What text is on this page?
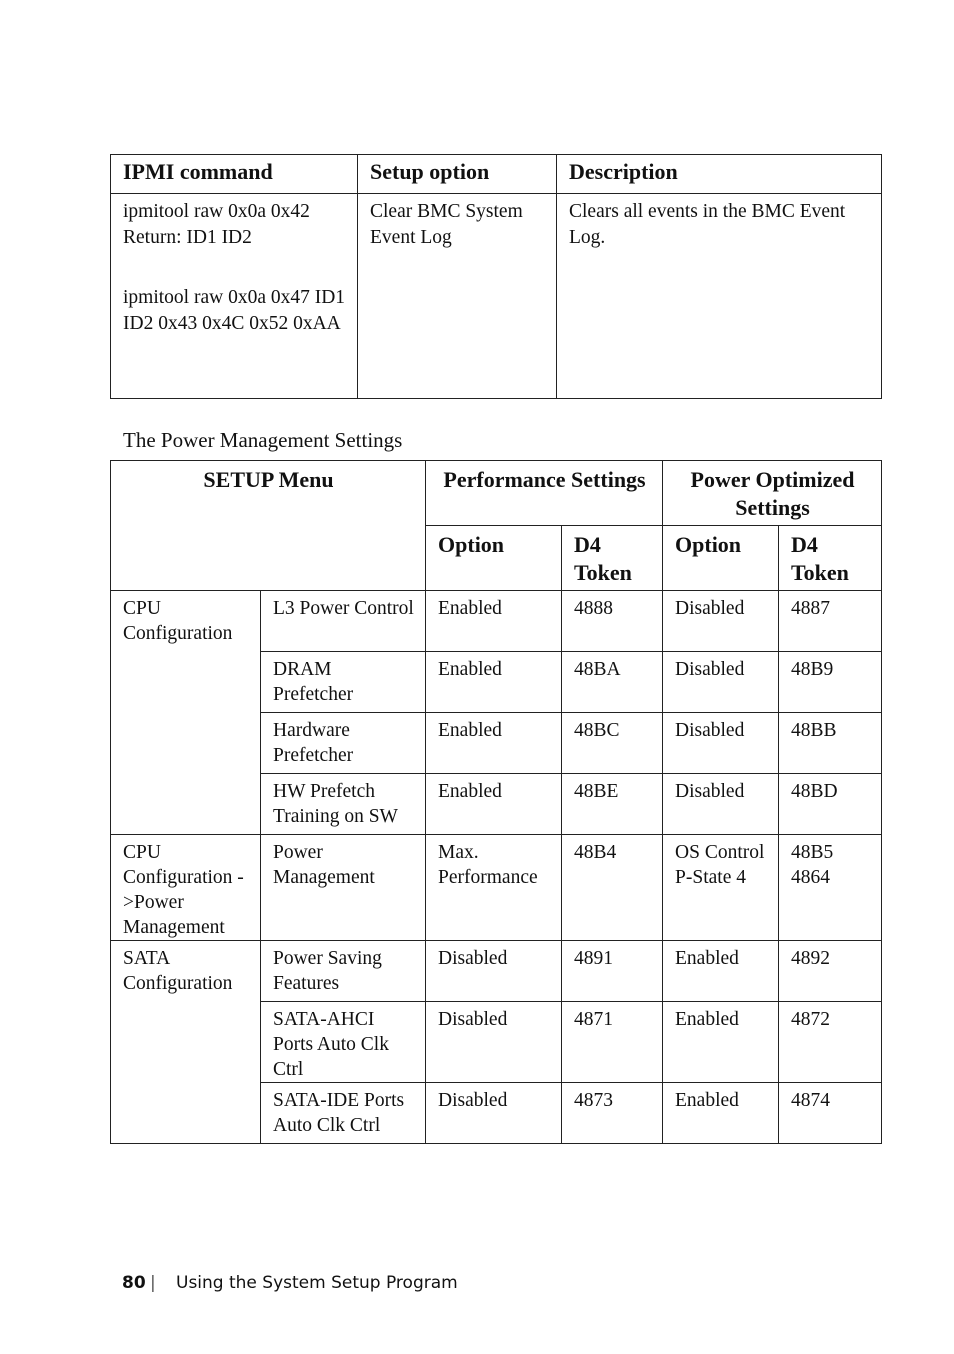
IPMI command	Setup option	Description

ipmitool raw 0x0a 0x42
Return: ID1 ID2
ipmitool raw 0x0a 0x47 ID1 ID2 0x43 0x4C 0x52 0xAA	Clear BMC System Event Log	Clears all events in the BMC Event Log.
The Power Management Settings
SETUP Menu		Performance Settings		Power Optimized Settings	
		Option	D4 Token	Option	D4 Token
CPU Configuration	L3 Power Control	Enabled	4888	Disabled	4887
	DRAM Prefetcher	Enabled	48BA	Disabled	48B9
	Hardware Prefetcher	Enabled	48BC	Disabled	48BB
	HW Prefetch Training on SW	Enabled	48BE	Disabled	48BD
CPU Configuration ->Power Management	Power Management	Max. Performance	48B4	OS Control P-State 4	48B5 4864
SATA Configuration	Power Saving Features	Disabled	4891	Enabled	4892
	SATA-AHCI Ports Auto Clk Ctrl	Disabled	4871	Enabled	4872
	SATA-IDE Ports Auto Clk Ctrl	Disabled	4873	Enabled	4874
80 | Using the System Setup Program
